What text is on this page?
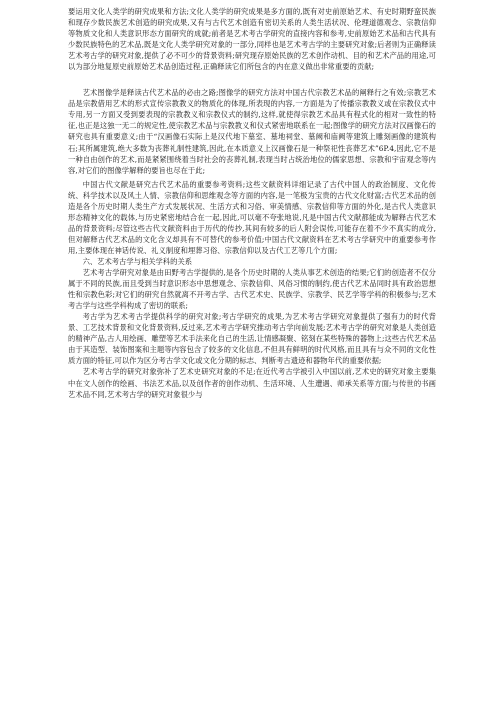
要运用文化人类学的研究成果和方法;文化人类学的研究成果是多方面的,既有对史前原始艺术、有史时期野蛮民族和现存少数民族艺术创造的研究成果,又有与古代艺术创造有密切关系的人类生活状况、伦理道德观念、宗教信仰等物质文化和人类意识形态方面研究的成就;前者是艺术考古学研究的直接内容和参考,史前原始艺术品和古代具有少数民族特色的艺术品,既是文化人类学研究对象的一部分,同样也是艺术考古学的主要研究对象;后者则为正确释读艺术考古学的研究对象,提供了必不可少的背景资料;研究现存原始民族的艺术创作动机、目的和艺术产品的用途,可以为部分地复原史前原始艺术品创造过程,正确释读它们所包含的内在意义做出非常重要的贡献;

艺术图像学是释读古代艺术品的必由之路;图像学的研究方法对中国古代宗教艺术品的阐释行之有效;宗教艺术品是宗教借用艺术的形式宣传宗教教义的物质化的体现,所表现的内容,一方面是为了传播宗教教义或在宗教仪式中专用,另一方面又受到要表现的宗教教义和宗教仪式的制约,这样,就使得宗教艺术品具有程式化的相对一致性的特征,也正是这独一无二的规定性,使宗教艺术品与宗教教义和仪式紧密地联系在一起;图像学的研究方法对汉画像石的研究也具有重要意义;由于“汉画像石实际上是汉代地下墓室、墓地祠堂、墓阙和庙阙等建筑上雕刻画像的建筑构石;其所属建筑,绝大多数为丧葬礼制性建筑,因此,在本质意义上汉画像石是一种祭祀性丧葬艺术”6P.4,因此,它不是一种自由创作的艺术,而是紧紧围绕着当时社会的丧葬礼制,表现当时占统治地位的儒家思想、宗教和宇宙观念等内容,对它们的图像学解释的要旨也尽在于此;

中国古代文献是研究古代艺术品的重要参考资料;这些文献资料详细记录了古代中国人的政治制度、文化传统、科学技术以及风土人情、宗教信仰和思维观念等方面的内容,是一笔极为宝贵的古代文化财富;古代艺术品的创造是各个历史时期人类生产方式发展状况、生活方式和习俗、审美情感、宗教信仰等方面的外化,是古代人类意识形态精神文化的载体,与历史紧密地结合在一起,因此,可以毫不夸张地说,凡是中国古代文献都能成为解释古代艺术品的背景资料;尽管这些古代文献资料由于历代的传抄,其间有较多的后人附会误传,可能存在着不少不真实的成分,但对解释古代艺术品的文化含义却具有不可替代的参考价值;中国古代文献资料在艺术考古学研究中的重要参考作用,主要体现在神话传说、礼义制度和埋葬习俗、宗教信仰以及古代工艺等几个方面;

六、艺术考古学与相关学科的关系

艺术考古学研究对象是由田野考古学提供的,是各个历史时期的人类从事艺术创造的结果;它们的创造者不仅分属于不同的民族,而且受到当时意识形态中思想观念、宗教信仰、风俗习惯的制约,使古代艺术品同时具有政治思想性和宗教色彩;对它们的研究自然就离不开考古学、古代艺术史、民族学、宗教学、民艺学等学科的积极参与;艺术考古学与这些学科构成了密切的联系;

考古学为艺术考古学提供科学的研究对象;考古学研究的成果,为艺术考古学研究对象提供了强有力的时代背景、工艺技术背景和文化背景资料,反过来,艺术考古学研究推动考古学向前发展;艺术考古学的研究对象是人类创造的精神产品,古人用绘画、雕塑等艺术手法来化自己的生活,让情感凝聚、铭刻在某些特殊的器物上;这些古代艺术品由于其造型、装饰图案和主题等内容包含了较多的文化信息,不但具有鲜明的时代风格,而且具有与众不同的文化性质方面的特征,可以作为区分考古学文化或文化分期的标志、判断考古遗迹和器物年代的重要依据;

艺术考古学的研究对象弥补了艺术史研究对象的不足;在近代考古学被引入中国以前,艺术史的研究对象主要集中在文人创作的绘画、书法艺术品,以及创作者的创作动机、生活环境、人生遭遇、师承关系等方面;与传世的书画艺术品不同,艺术考古学的研究对象很少与
